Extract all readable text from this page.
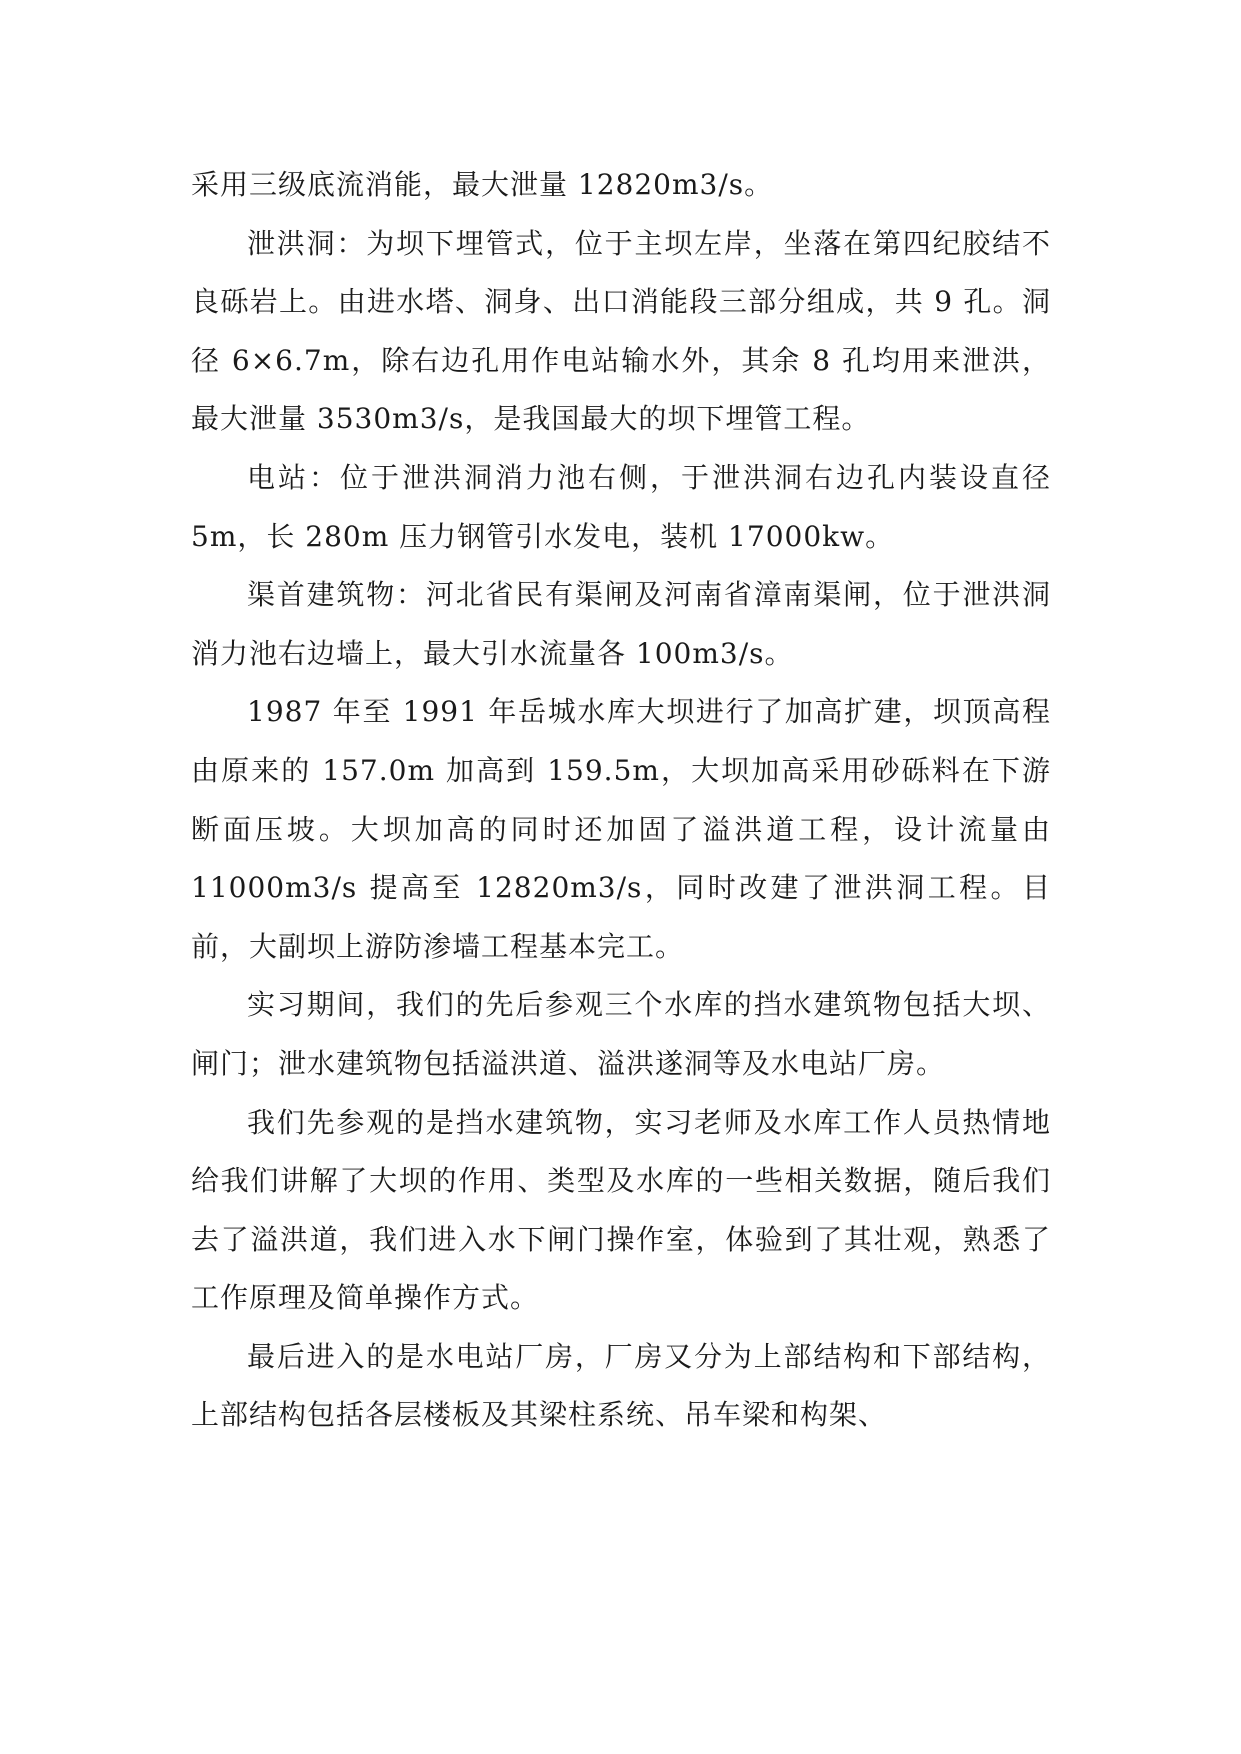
采用三级底流消能，最大泄量 12820m3/s。

泄洪洞：为坝下埋管式，位于主坝左岸，坐落在第四纪胶结不良砾岩上。由进水塔、洞身、出口消能段三部分组成，共 9 孔。洞径 6×6.7m，除右边孔用作电站输水外，其余 8 孔均用来泄洪，最大泄量 3530m3/s，是我国最大的坝下埋管工程。

电站：位于泄洪洞消力池右侧，于泄洪洞右边孔内装设直径 5m，长 280m 压力钢管引水发电，装机 17000kw。

渠首建筑物：河北省民有渠闸及河南省漳南渠闸，位于泄洪洞消力池右边墙上，最大引水流量各 100m3/s。

1987 年至 1991 年岳城水库大坝进行了加高扩建，坝顶高程由原来的 157.0m 加高到 159.5m，大坝加高采用砂砾料在下游断面压坡。大坝加高的同时还加固了溢洪道工程，设计流量由 11000m3/s 提高至 12820m3/s，同时改建了泄洪洞工程。目前，大副坝上游防渗墙工程基本完工。

实习期间，我们的先后参观三个水库的挡水建筑物包括大坝、闸门；泄水建筑物包括溢洪道、溢洪遂洞等及水电站厂房。

我们先参观的是挡水建筑物，实习老师及水库工作人员热情地给我们讲解了大坝的作用、类型及水库的一些相关数据，随后我们去了溢洪道，我们进入水下闸门操作室，体验到了其壮观，熟悉了工作原理及简单操作方式。

最后进入的是水电站厂房，厂房又分为上部结构和下部结构，上部结构包括各层楼板及其梁柱系统、吊车梁和构架、
